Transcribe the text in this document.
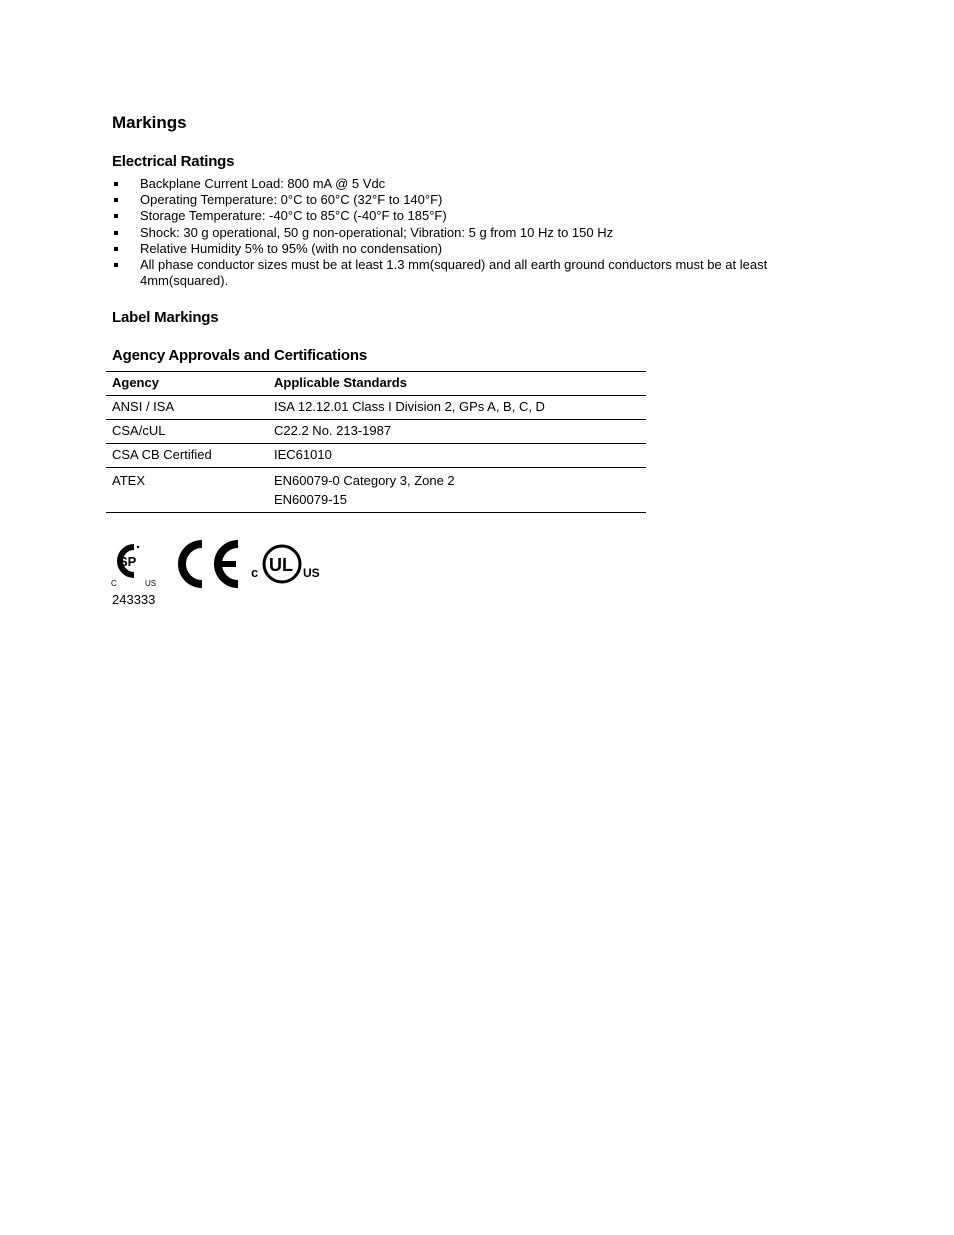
Markings
Electrical Ratings
Backplane Current Load: 800 mA @ 5 Vdc
Operating Temperature: 0°C to 60°C (32°F to 140°F)
Storage Temperature: -40°C to 85°C (-40°F to 185°F)
Shock: 30 g operational, 50 g non-operational; Vibration: 5 g from 10 Hz to 150 Hz
Relative Humidity 5% to 95% (with no condensation)
All phase conductor sizes must be at least 1.3 mm(squared) and all earth ground conductors must be at least 4mm(squared).
Label Markings
Agency Approvals and Certifications
Agency	Applicable Standards
ANSI / ISA	ISA 12.12.01 Class I Division 2, GPs A, B, C, D
CSA/cUL	C22.2 No. 213-1987
CSA CB Certified	IEC61010
ATEX	EN60079-0 Category 3, Zone 2
EN60079-15
SP
C	US
c UL US
243333
